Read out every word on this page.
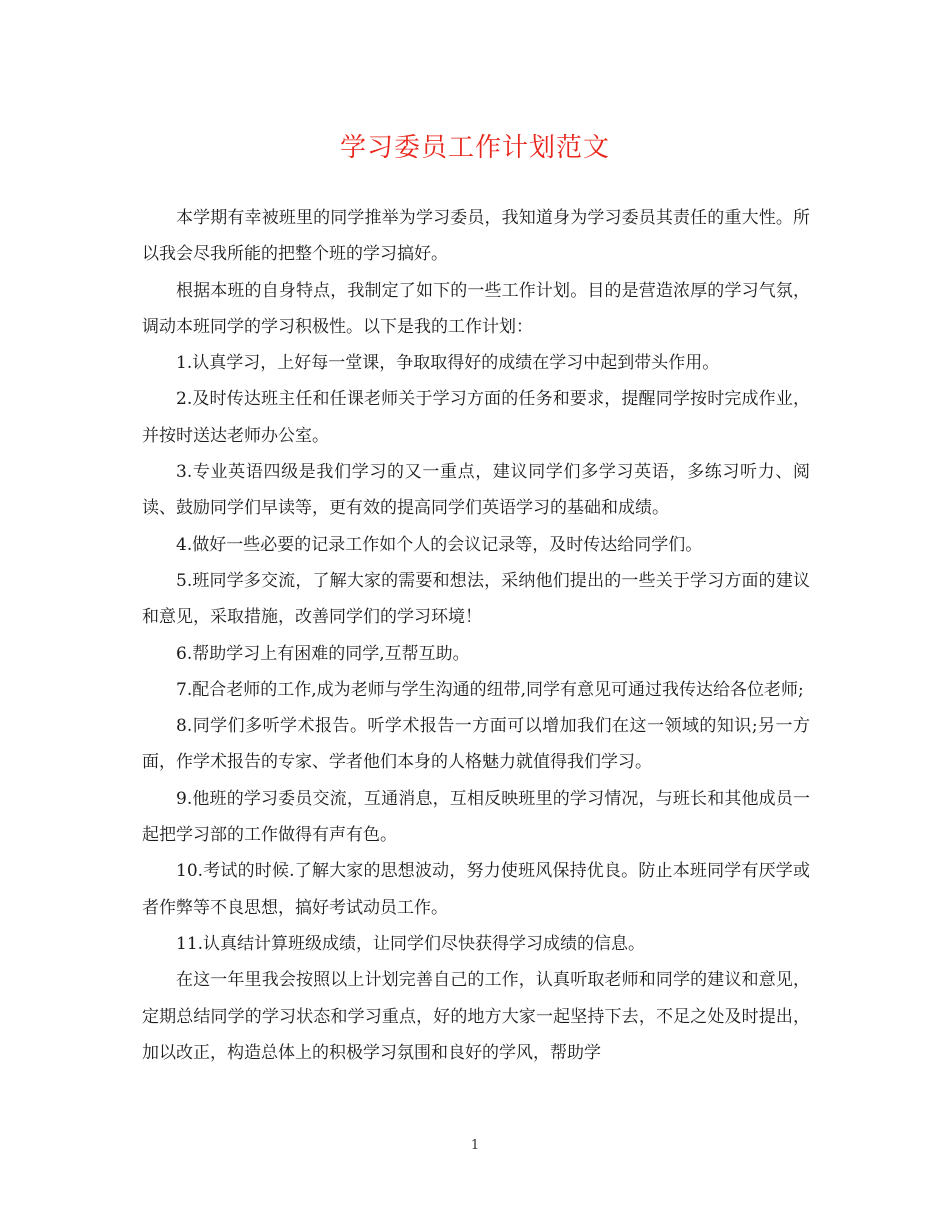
学习委员工作计划范文

本学期有幸被班里的同学推举为学习委员，我知道身为学习委员其责任的重大性。所以我会尽我所能的把整个班的学习搞好。

根据本班的自身特点，我制定了如下的一些工作计划。目的是营造浓厚的学习气氛，调动本班同学的学习积极性。以下是我的工作计划：

1.认真学习，上好每一堂课，争取取得好的成绩在学习中起到带头作用。

2.及时传达班主任和任课老师关于学习方面的任务和要求，提醒同学按时完成作业，并按时送达老师办公室。

3.专业英语四级是我们学习的又一重点，建议同学们多学习英语，多练习听力、阅读、鼓励同学们早读等，更有效的提高同学们英语学习的基础和成绩。

4.做好一些必要的记录工作如个人的会议记录等，及时传达给同学们。

5.班同学多交流，了解大家的需要和想法，采纳他们提出的一些关于学习方面的建议和意见，采取措施，改善同学们的学习环境！

6.帮助学习上有困难的同学,互帮互助。

7.配合老师的工作,成为老师与学生沟通的纽带,同学有意见可通过我传达给各位老师;

8.同学们多听学术报告。听学术报告一方面可以增加我们在这一领域的知识;另一方面，作学术报告的专家、学者他们本身的人格魅力就值得我们学习。

9.他班的学习委员交流，互通消息，互相反映班里的学习情况，与班长和其他成员一起把学习部的工作做得有声有色。

10.考试的时候.了解大家的思想波动，努力使班风保持优良。防止本班同学有厌学或者作弊等不良思想，搞好考试动员工作。

11.认真结计算班级成绩，让同学们尽快获得学习成绩的信息。

在这一年里我会按照以上计划完善自己的工作，认真听取老师和同学的建议和意见，定期总结同学的学习状态和学习重点，好的地方大家一起坚持下去，不足之处及时提出，加以改正，构造总体上的积极学习氛围和良好的学风，帮助学

1
